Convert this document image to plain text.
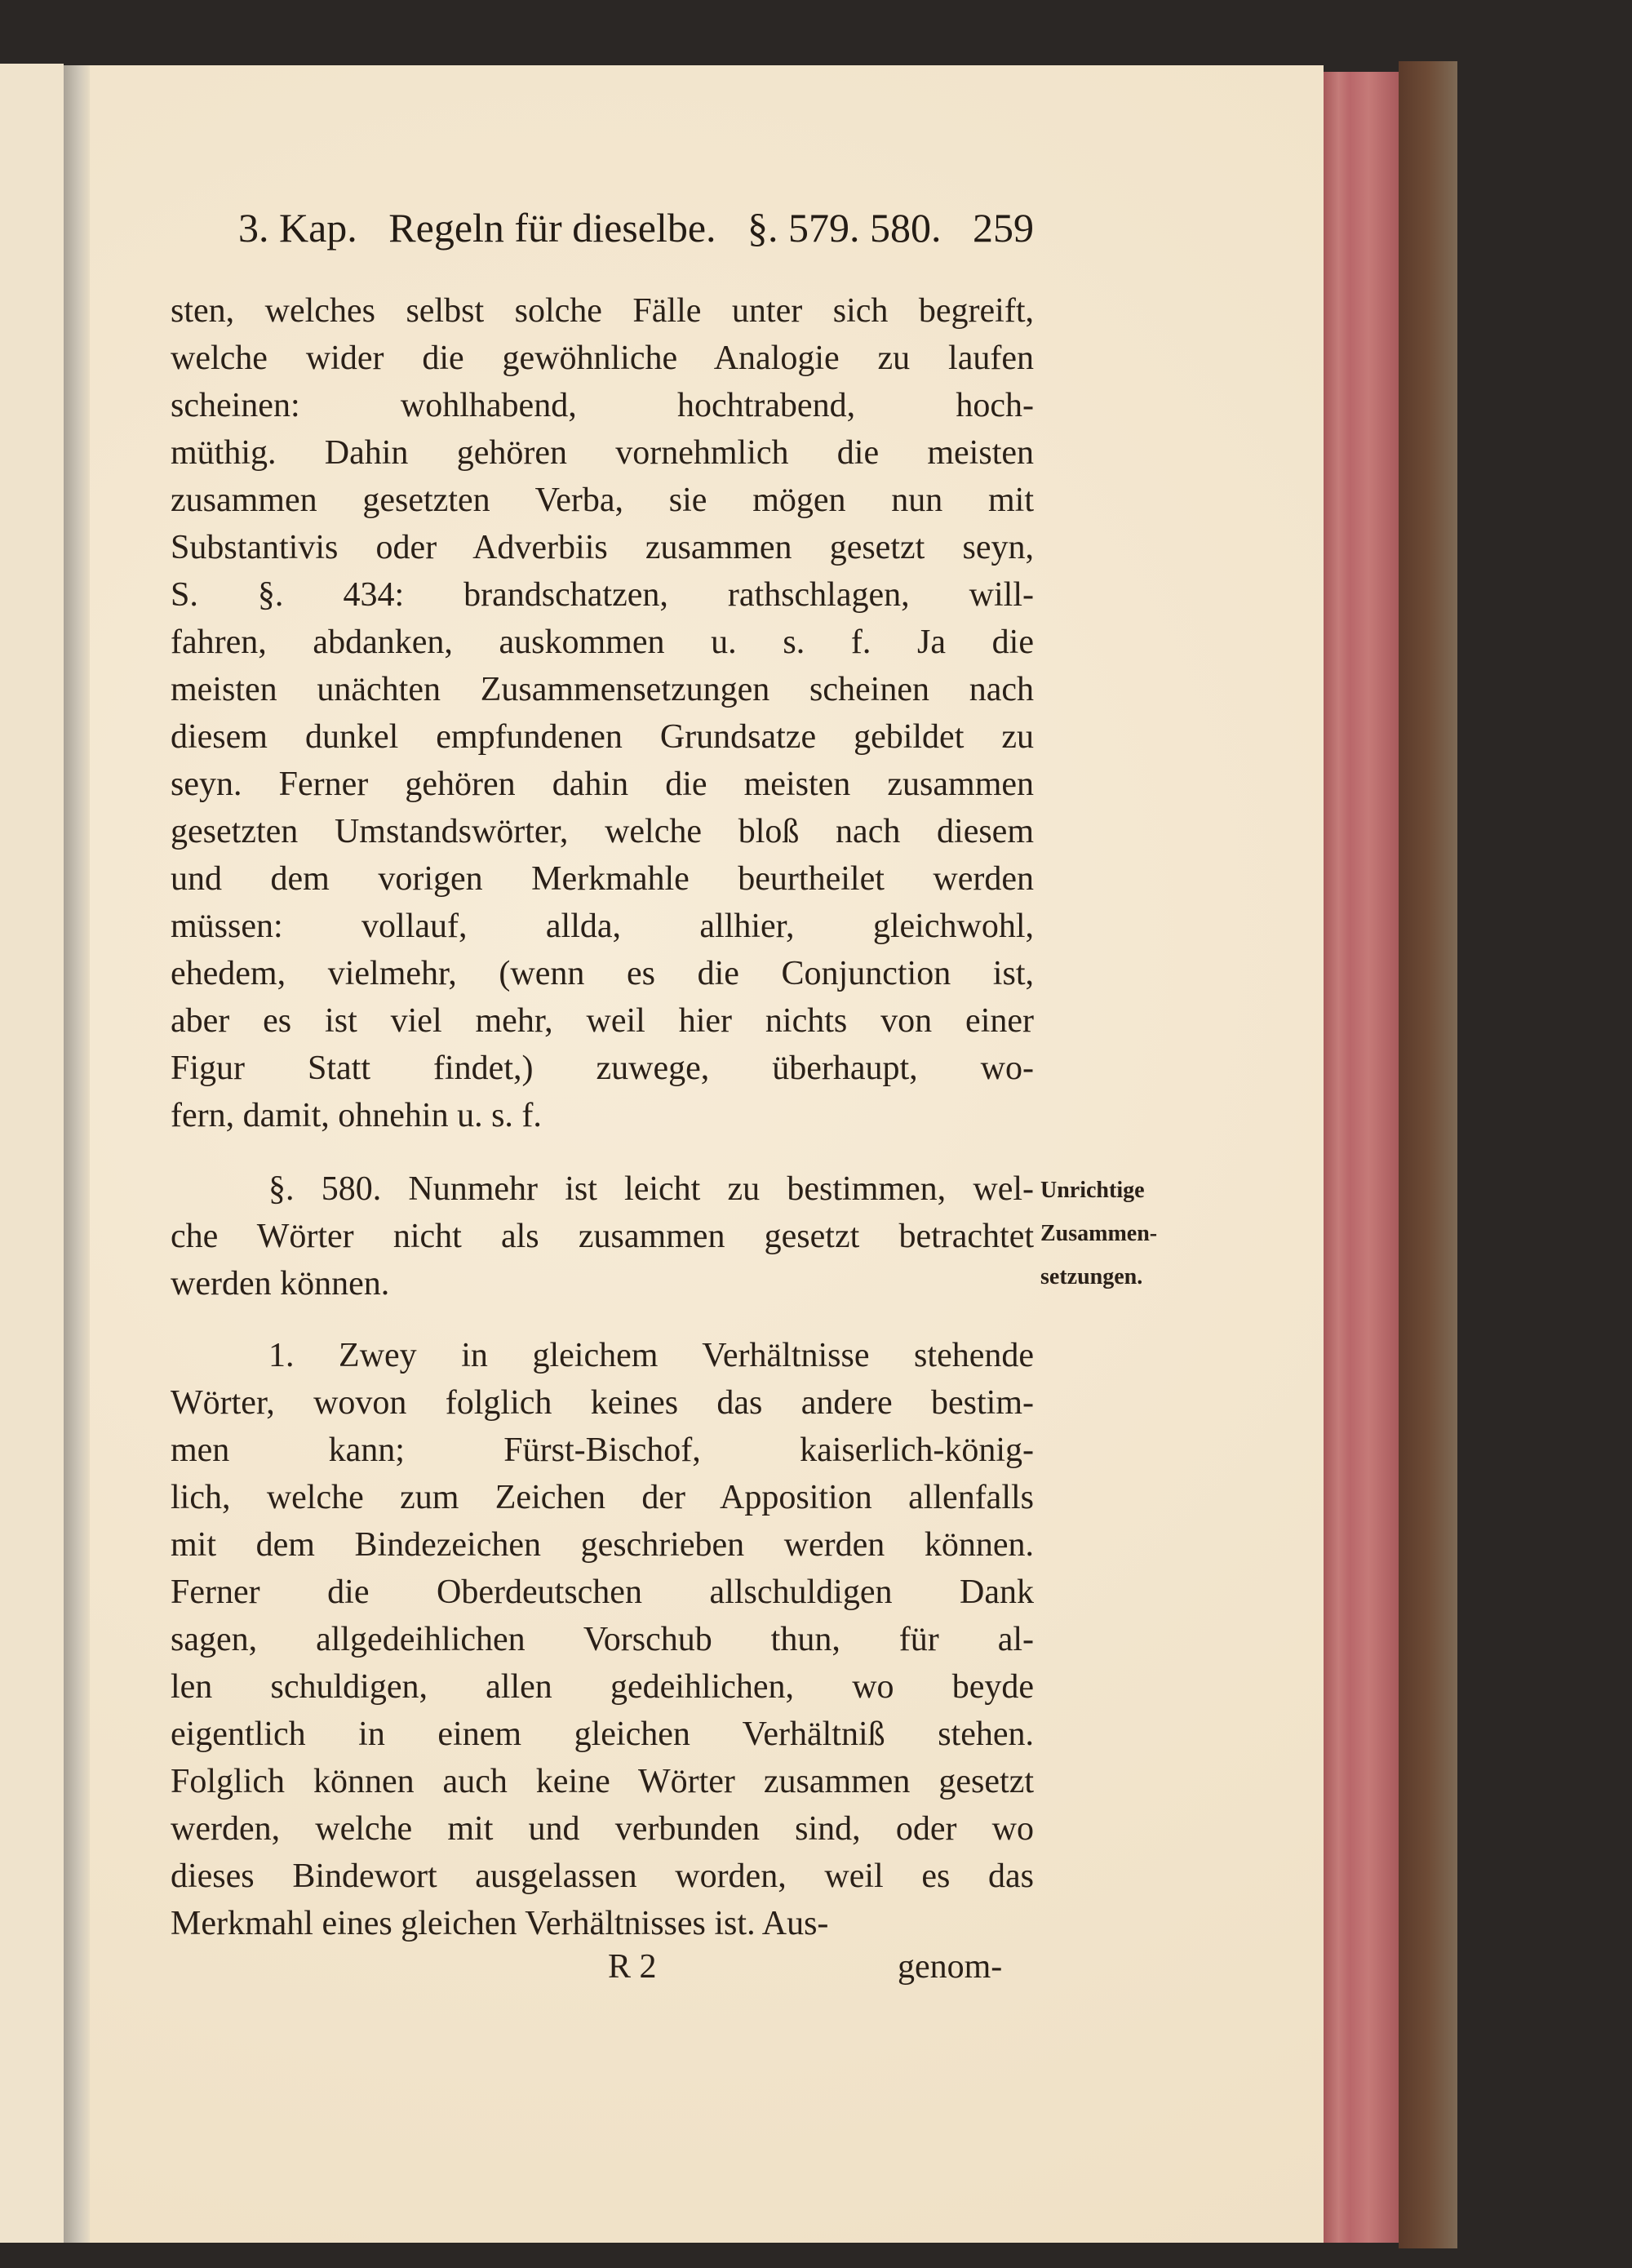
3. Kap. Regeln für dieselbe. §. 579. 580. 259
sten, welches selbst solche Fälle unter sich begreift,
welche wider die gewöhnliche Analogie zu laufen
scheinen: wohlhabend, hochtrabend, hoch-
müthig. Dahin gehören vornehmlich die meisten
zusammen gesetzten Verba, sie mögen nun mit
Substantivis oder Adverbiis zusammen gesetzt seyn,
S. §. 434: brandschatzen, rathschlagen, will-
fahren, abdanken, auskommen u. s. f. Ja die
meisten unächten Zusammensetzungen scheinen nach
diesem dunkel empfundenen Grundsatze gebildet zu
seyn. Ferner gehören dahin die meisten zusammen
gesetzten Umstandswörter, welche bloß nach diesem
und dem vorigen Merkmahle beurtheilet werden
müssen: vollauf, allda, allhier, gleichwohl,
ehedem, vielmehr, (wenn es die Conjunction ist,
aber es ist viel mehr, weil hier nichts von einer
Figur Statt findet,) zuwege, überhaupt, wo-
fern, damit, ohnehin u. s. f.
§. 580. Nunmehr ist leicht zu bestimmen, wel-
che Wörter nicht als zusammen gesetzt betrachtet
werden können.
1. Zwey in gleichem Verhältnisse stehende
Wörter, wovon folglich keines das andere bestim-
men kann; Fürst-Bischof, kaiserlich-könig-
lich, welche zum Zeichen der Apposition allenfalls
mit dem Bindezeichen geschrieben werden können.
Ferner die Oberdeutschen allschuldigen Dank
sagen, allgedeihlichen Vorschub thun, für al-
len schuldigen, allen gedeihlichen, wo beyde
eigentlich in einem gleichen Verhältniß stehen.
Folglich können auch keine Wörter zusammen gesetzt
werden, welche mit und verbunden sind, oder wo
dieses Bindewort ausgelassen worden, weil es das
Merkmahl eines gleichen Verhältnisses ist. Aus-
Unrichtige
Zusammen-
setzungen.
R 2	genom-
